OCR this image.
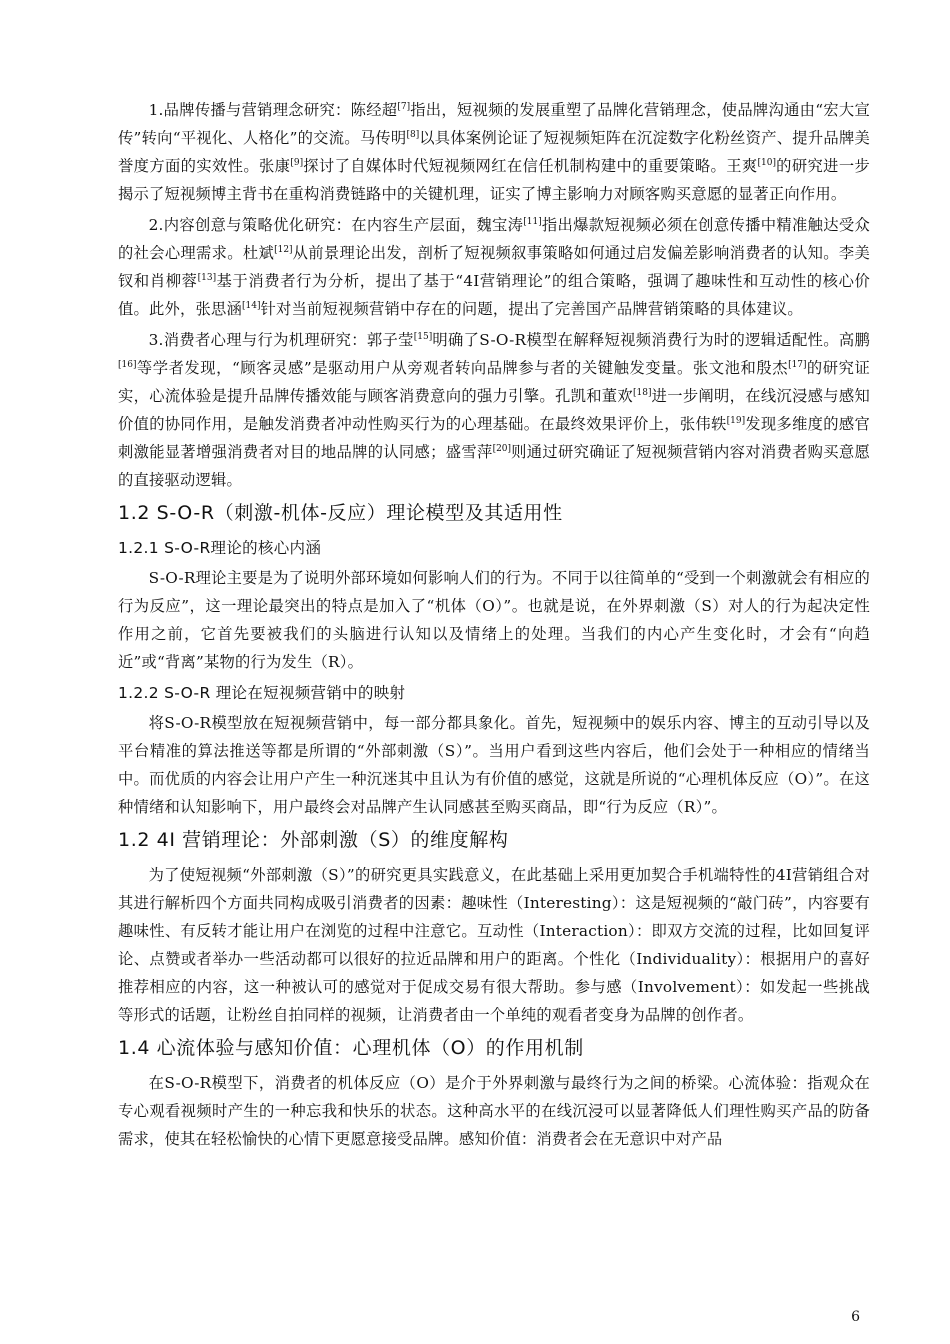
1.品牌传播与营销理念研究：陈经超[7]指出，短视频的发展重塑了品牌化营销理念，使品牌沟通由“宏大宣传”转向“平视化、人格化”的交流。马传明[8]以具体案例论证了短视频矩阵在沉淀数字化粉丝资产、提升品牌美誉度方面的实效性。张康[9]探讨了自媒体时代短视频网红在信任机制构建中的重要策略。王爽[10]的研究进一步揭示了短视频博主背书在重构消费链路中的关键机理，证实了博主影响力对顾客购买意愿的显著正向作用。

2.内容创意与策略优化研究：在内容生产层面，魏宝涛[11]指出爆款短视频必须在创意传播中精准触达受众的社会心理需求。杜斌[12]从前景理论出发，剖析了短视频叙事策略如何通过启发偏差影响消费者的认知。李美钗和肖柳蓉[13]基于消费者行为分析，提出了基于“4I营销理论”的组合策略，强调了趣味性和互动性的核心价值。此外，张思涵[14]针对当前短视频营销中存在的问题，提出了完善国产品牌营销策略的具体建议。

3.消费者心理与行为机理研究：郭子莹[15]明确了S-O-R模型在解释短视频消费行为时的逻辑适配性。高鹏[16]等学者发现，“顾客灵感”是驱动用户从旁观者转向品牌参与者的关键触发变量。张文池和殷杰[17]的研究证实，心流体验是提升品牌传播效能与顾客消费意向的强力引擎。孔凯和董欢[18]进一步阐明，在线沉浸感与感知价值的协同作用，是触发消费者冲动性购买行为的心理基础。在最终效果评价上，张伟轶[19]发现多维度的感官刺激能显著增强消费者对目的地品牌的认同感；盛雪萍[20]则通过研究确证了短视频营销内容对消费者购买意愿的直接驱动逻辑。

1.2 S-O-R（刺激-机体-反应）理论模型及其适用性
1.2.1 S-O-R理论的核心内涵

S-O-R理论主要是为了说明外部环境如何影响人们的行为。不同于以往简单的“受到一个刺激就会有相应的行为反应”，这一理论最突出的特点是加入了“机体（O）”。也就是说，在外界刺激（S）对人的行为起决定性作用之前，它首先要被我们的头脑进行认知以及情绪上的处理。当我们的内心产生变化时，才会有“向趋近”或“背离”某物的行为发生（R）。

1.2.2 S-O-R 理论在短视频营销中的映射

将S-O-R模型放在短视频营销中，每一部分都具象化。首先，短视频中的娱乐内容、博主的互动引导以及平台精准的算法推送等都是所谓的“外部刺激（S）”。当用户看到这些内容后，他们会处于一种相应的情绪当中。而优质的内容会让用户产生一种沉迷其中且认为有价值的感觉，这就是所说的“心理机体反应（O）”。在这种情绪和认知影响下，用户最终会对品牌产生认同感甚至购买商品，即“行为反应（R）”。

1.2 4I 营销理论：外部刺激（S）的维度解构

为了使短视频“外部刺激（S）”的研究更具实践意义，在此基础上采用更加契合手机端特性的4I营销组合对其进行解析四个方面共同构成吸引消费者的因素：趣味性（Interesting）：这是短视频的“敲门砖”，内容要有趣味性、有反转才能让用户在浏览的过程中注意它。互动性（Interaction）：即双方交流的过程，比如回复评论、点赞或者举办一些活动都可以很好的拉近品牌和用户的距离。个性化（Individuality）：根据用户的喜好推荐相应的内容，这一种被认可的感觉对于促成交易有很大帮助。参与感（Involvement）：如发起一些挑战等形式的话题，让粉丝自拍同样的视频，让消费者由一个单纯的观看者变身为品牌的创作者。

1.4 心流体验与感知价值：心理机体（O）的作用机制

在S-O-R模型下，消费者的机体反应（O）是介于外界刺激与最终行为之间的桥梁。心流体验：指观众在专心观看视频时产生的一种忘我和快乐的状态。这种高水平的在线沉浸可以显著降低人们理性购买产品的防备需求，使其在轻松愉快的心情下更愿意接受品牌。感知价值：消费者会在无意识中对产品

6
